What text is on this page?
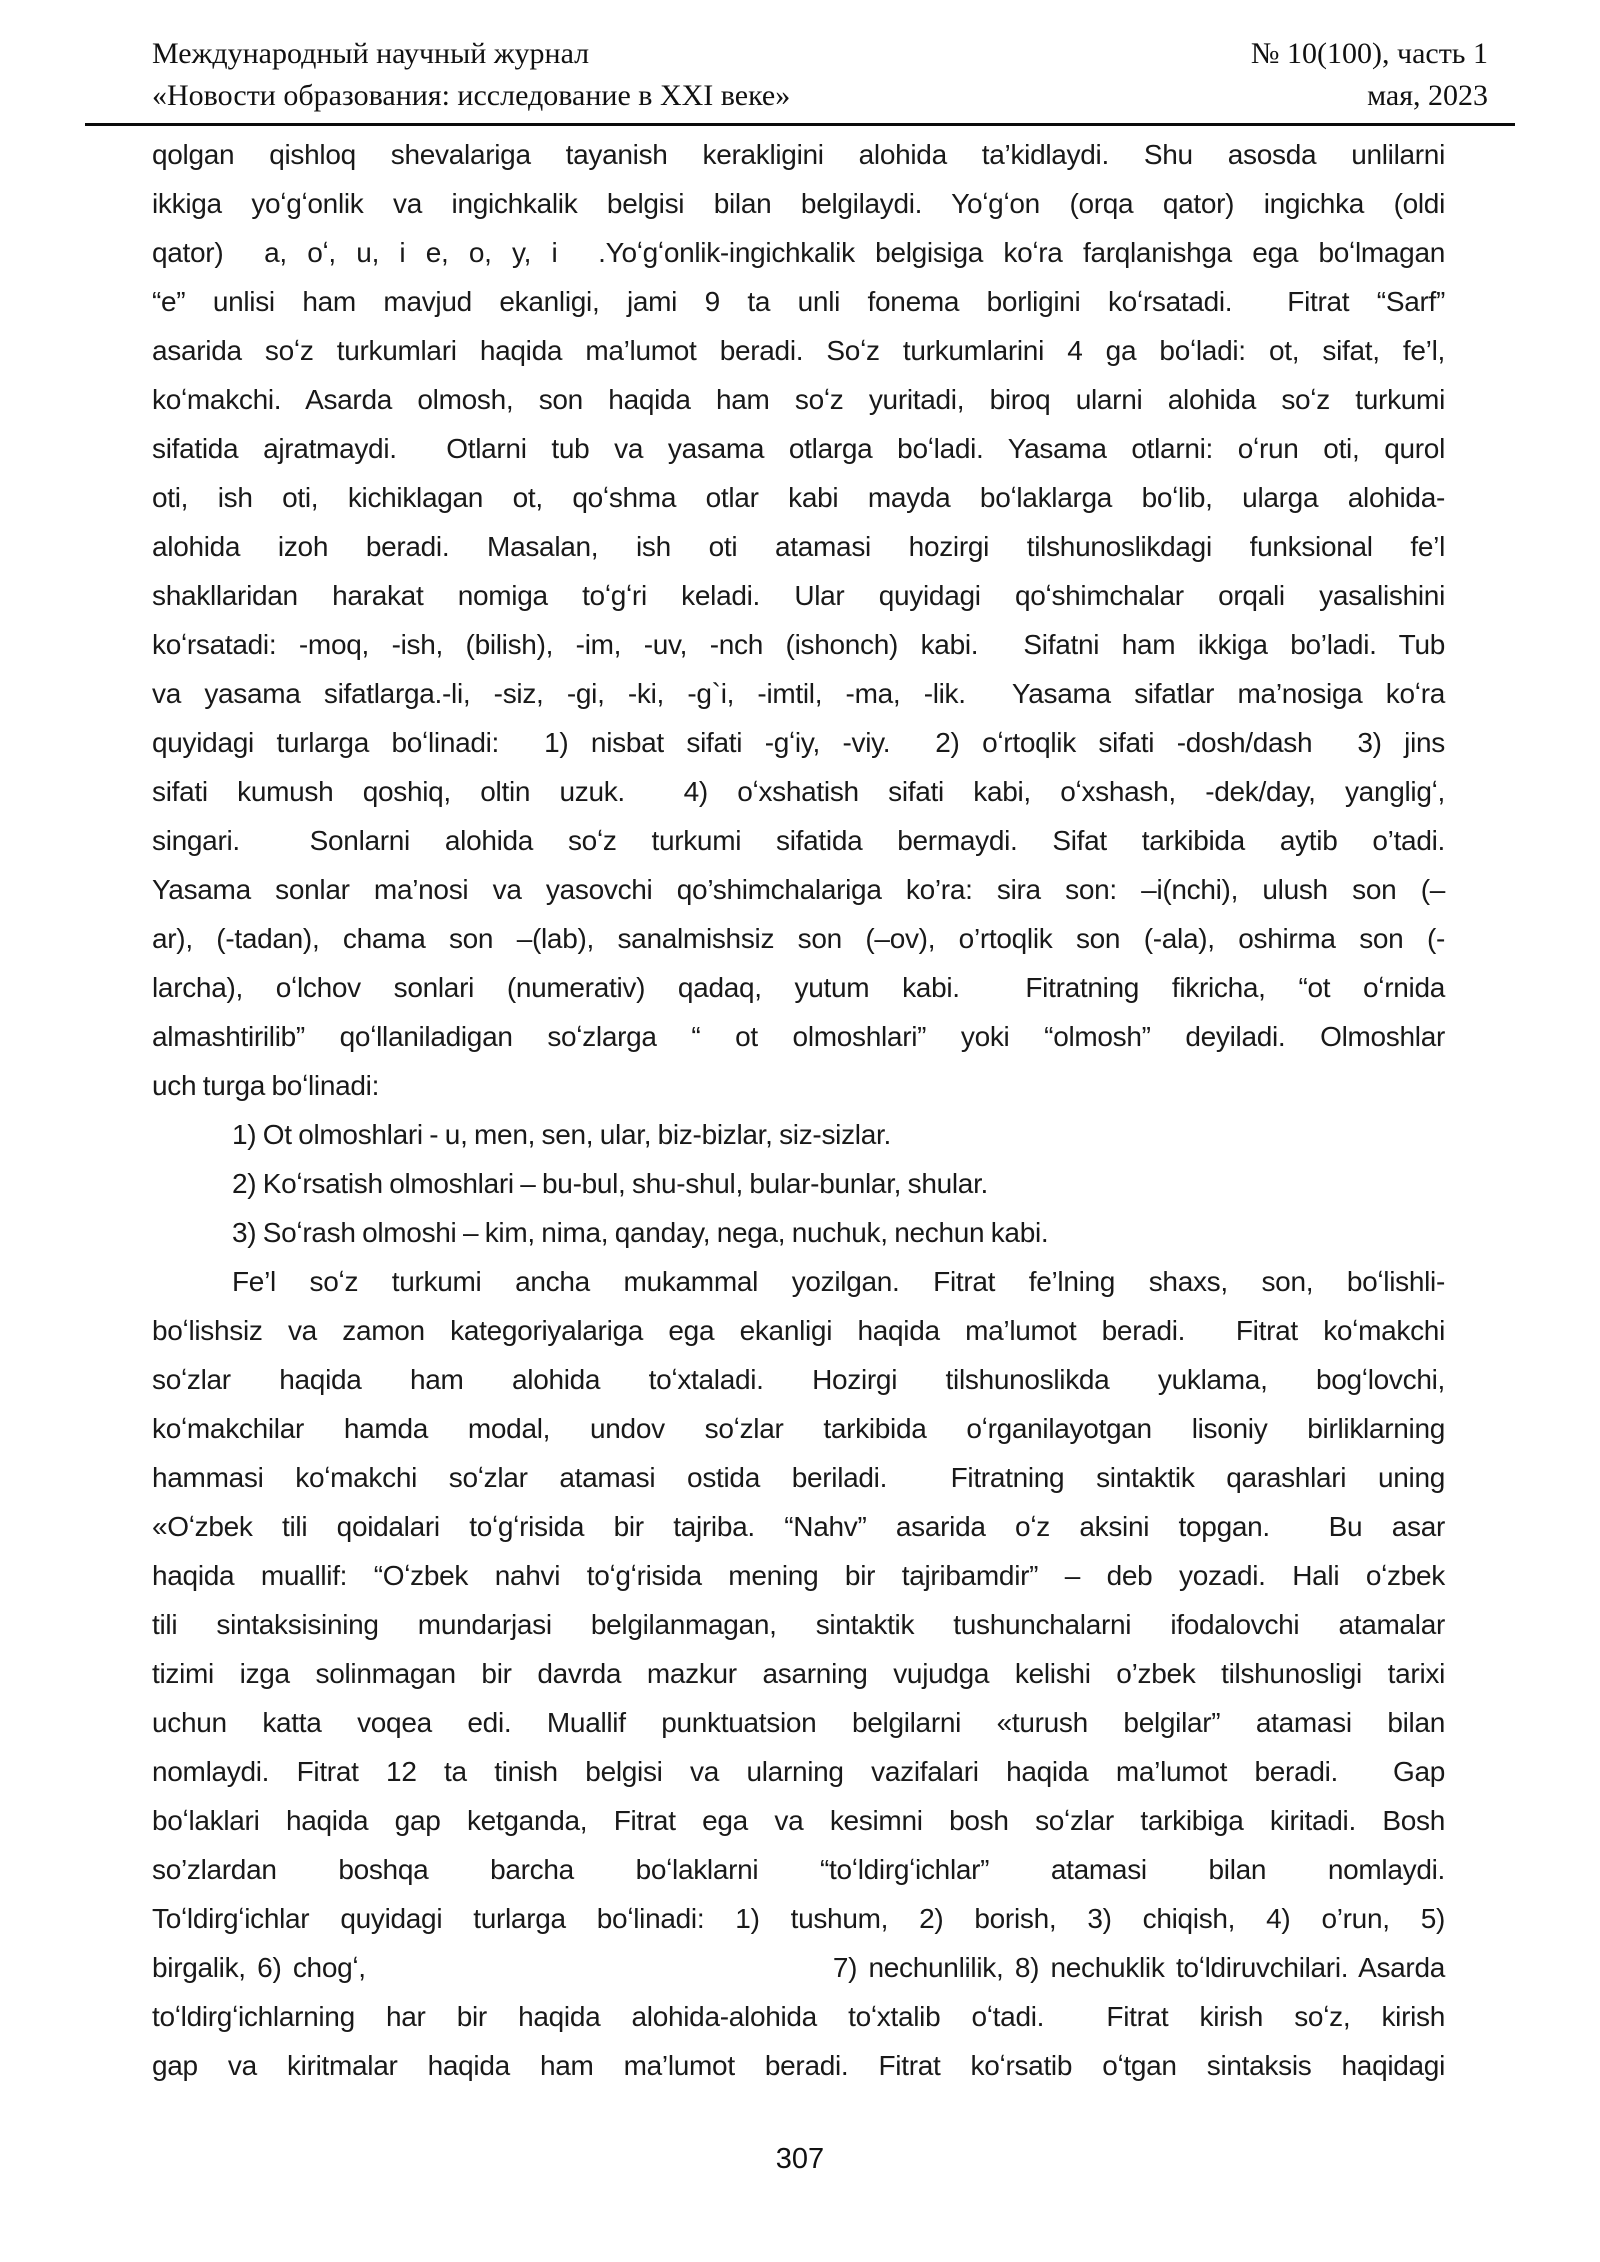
Международный научный журнал
«Новости образования: исследование в XXI веке»
№ 10(100), часть 1
мая, 2023
qolgan qishloq shevalariga tayanish kerakligini alohida ta’kidlaydi. Shu asosda unlilarni
ikkiga yoʻgʻonlik va ingichkalik belgisi bilan belgilaydi. Yoʻgʻon (orqa qator) ingichka (oldi
qator)  a, oʻ, u, i e, o, y, i  .Yoʻgʻonlik-ingichkalik belgisiga koʻra farqlanishga ega boʻlmagan
“e” unlisi ham mavjud ekanligi, jami 9 ta unli fonema borligini koʻrsatadi.  Fitrat “Sarf”
asarida soʻz turkumlari haqida ma’lumot beradi. Soʻz turkumlarini 4 ga boʻladi: ot, sifat, fe’l,
koʻmakchi. Asarda olmosh, son haqida ham soʻz yuritadi, biroq ularni alohida soʻz turkumi
sifatida ajratmaydi.  Otlarni tub va yasama otlarga boʻladi. Yasama otlarni: oʻrun oti, qurol
oti, ish oti, kichiklagan ot, qoʻshma otlar kabi mayda boʻlaklarga boʻlib, ularga alohida-
alohida izoh beradi. Masalan, ish oti atamasi hozirgi tilshunoslikdagi funksional fe’l
shakllaridan harakat nomiga toʻgʻri keladi. Ular quyidagi qoʻshimchalar orqali yasalishini
koʻrsatadi: -moq, -ish, (bilish), -im, -uv, -nch (ishonch) kabi.  Sifatni ham ikkiga bo’ladi. Tub
va yasama sifatlarga.-li, -siz, -gi, -ki, -g`i, -imtil, -ma, -lik.  Yasama sifatlar ma’nosiga koʻra
quyidagi turlarga boʻlinadi:  1) nisbat sifati -gʻiy, -viy.  2) oʻrtoqlik sifati -dosh/dash  3) jins
sifati kumush qoshiq, oltin uzuk.  4) oʻxshatish sifati kabi, oʻxshash, -dek/day, yangligʻ,
singari.  Sonlarni alohida soʻz turkumi sifatida bermaydi. Sifat tarkibida aytib o’tadi.
Yasama sonlar ma’nosi va yasovchi qo’shimchalariga ko’ra: sira son: –i(nchi), ulush son (–
ar), (-tadan), chama son –(lab), sanalmishsiz son (–ov), o’rtoqlik son (-ala), oshirma son (-
larcha), oʻlchov sonlari (numerativ) qadaq, yutum kabi.  Fitratning fikricha, “ot oʻrnida
almashtirilib” qoʻllaniladigan soʻzlarga “ ot olmoshlari” yoki “olmosh” deyiladi. Olmoshlar
uch turga boʻlinadi:
1) Ot olmoshlari - u, men, sen, ular, biz-bizlar, siz-sizlar.
2) Koʻrsatish olmoshlari – bu-bul, shu-shul, bular-bunlar, shular.
3) Soʻrash olmoshi – kim, nima, qanday, nega, nuchuk, nechun kabi.
Fe’l soʻz turkumi ancha mukammal yozilgan. Fitrat fe’lning shaxs, son, boʻlishli-
boʻlishsiz va zamon kategoriyalariga ega ekanligi haqida ma’lumot beradi.  Fitrat koʻmakchi
soʻzlar haqida ham alohida toʻxtaladi. Hozirgi tilshunoslikda yuklama, bogʻlovchi,
koʻmakchilar hamda modal, undov soʻzlar tarkibida oʻrganilayotgan lisoniy birliklarning
hammasi koʻmakchi soʻzlar atamasi ostida beriladi.  Fitratning sintaktik qarashlari uning
«Oʻzbek tili qoidalari toʻgʻrisida bir tajriba. “Nahv” asarida oʻz aksini topgan.  Bu asar
haqida muallif: “Oʻzbek nahvi toʻgʻrisida mening bir tajribamdir” – deb yozadi. Hali oʻzbek
tili sintaksisining mundarjasi belgilanmagan, sintaktik tushunchalarni ifodalovchi atamalar
tizimi izga solinmagan bir davrda mazkur asarning vujudga kelishi o’zbek tilshunosligi tarixi
uchun katta voqea edi. Muallif punktuatsion belgilarni «turush belgilar” atamasi bilan
nomlaydi. Fitrat 12 ta tinish belgisi va ularning vazifalari haqida ma’lumot beradi.  Gap
boʻlaklari haqida gap ketganda, Fitrat ega va kesimni bosh soʻzlar tarkibiga kiritadi. Bosh
so’zlardan boshqa barcha boʻlaklarni “toʻldirgʻichlar” atamasi bilan nomlaydi.
Toʻldirgʻichlar quyidagi turlarga boʻlinadi: 1) tushum, 2) borish, 3) chiqish, 4) o’run, 5)
birgalik, 6) chogʻ,                                         7) nechunlilik, 8) nechuklik toʻldiruvchilari. Asarda
toʻldirgʻichlarning har bir haqida alohida-alohida toʻxtalib oʻtadi.  Fitrat kirish soʻz, kirish
gap va kiritmalar haqida ham ma’lumot beradi. Fitrat koʻrsatib oʻtgan sintaksis haqidagi
307
